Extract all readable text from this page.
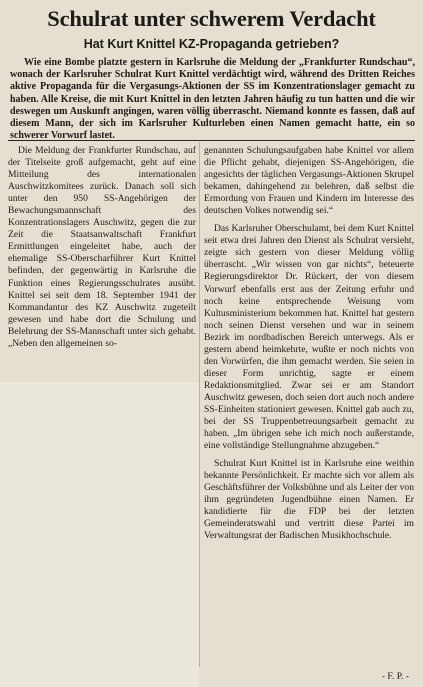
Schulrat unter schwerem Verdacht
Hat Kurt Knittel KZ-Propaganda getrieben?

Wie eine Bombe platzte gestern in Karlsruhe die Meldung der „Frankfurter Rundschau“, wonach der Karlsruher Schulrat Kurt Knittel verdächtigt wird, während des Dritten Reiches aktive Propaganda für die Vergasungs-Aktionen der SS im Konzentrationslager gemacht zu haben. Alle Kreise, die mit Kurt Knittel in den letzten Jahren häufig zu tun hatten und die wir deswegen um Auskunft angingen, waren völlig überrascht. Niemand konnte es fassen, daß auf diesem Mann, der sich im Karlsruher Kulturleben einen Namen gemacht hatte, ein so schwerer Vorwurf lastet.

Die Meldung der Frankfurter Rundschau, auf der Titelseite groß aufgemacht, geht auf eine Mitteilung des internationalen Auschwitzkomitees zurück. Danach soll sich unter den 950 SS-Angehörigen der Bewachungsmannschaft des Konzentrationslagers Auschwitz, gegen die zur Zeit die Staatsanwaltschaft Frankfurt Ermittlungen eingeleitet habe, auch der ehemalige SS-Oberscharführer Kurt Knittel befinden, der gegenwärtig in Karlsruhe die Funktion eines Regierungsschulrates ausübt. Knittel sei seit dem 18. September 1941 der Kommandantur des KZ Auschwitz zugeteilt gewesen und habe dort die Schulung und Belehrung der SS-Mannschaft unter sich gehabt. „Neben den allgemeinen so-

genannten Schulungsaufgaben habe Knittel vor allem die Pflicht gehabt, diejenigen SS-Angehörigen, die angesichts der täglichen Vergasungs-Aktionen Skrupel bekamen, dahingehend zu belehren, daß selbst die Ermordung von Frauen und Kindern im Interesse des deutschen Volkes notwendig sei.“

Das Karlsruher Oberschulamt, bei dem Kurt Knittel seit etwa drei Jahren den Dienst als Schulrat versieht, zeigte sich gestern von dieser Meldung völlig überrascht. „Wir wissen von gar nichts“, beteuerte Regierungsdirektor Dr. Rückert, der von diesem Vorwurf ebenfalls erst aus der Zeitung erfuhr und noch keine entsprechende Weisung vom Kultusministerium bekommen hat. Knittel hat gestern noch seinen Dienst versehen und war in seinem Bezirk im nordbadischen Bereich unterwegs. Als er gestern abend heimkehrte, wußte er noch nichts von den Vorwürfen, die ihm gemacht werden. Sie seien in dieser Form unrichtig, sagte er einem Redaktionsmitglied. Zwar sei er am Standort Auschwitz gewesen, doch seien dort auch noch andere SS-Einheiten stationiert gewesen. Knittel gab auch zu, bei der SS Truppenbetreuungsarbeit gemacht zu haben. „Im übrigen sehe ich mich noch außerstande, eine vollständige Stellungnahme abzugeben.“

Schulrat Kurt Knittel ist in Karlsruhe eine weithin bekannte Persönlichkeit. Er machte sich vor allem als Geschäftsführer der Volksbühne und als Leiter der von ihm gegründeten Jugendbühne einen Namen. Er kandidierte für die FDP bei der letzten Gemeinderatswahl und vertritt diese Partei im Verwaltungsrat der Badischen Musikhochschule.

- F. P. -
